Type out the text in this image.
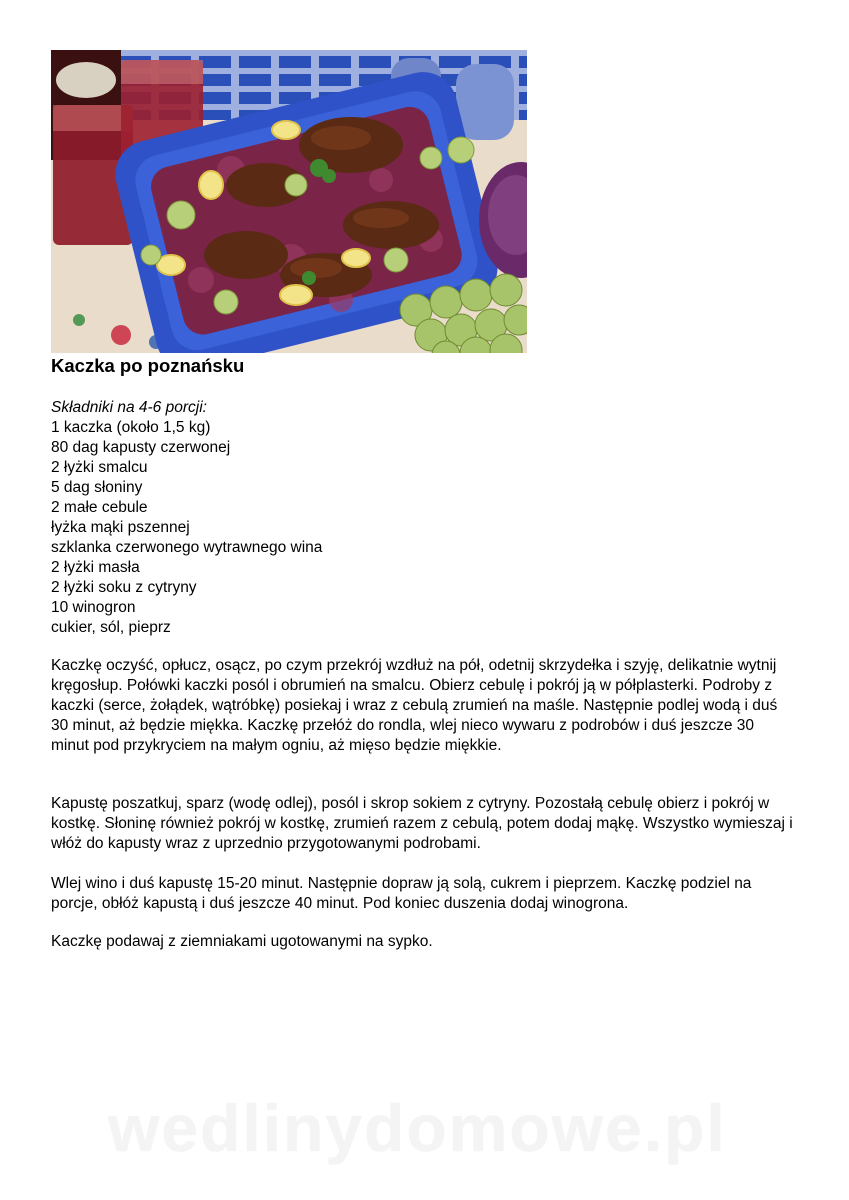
Kaczka po poznańsku
Składniki na 4-6 porcji:
1 kaczka (około 1,5 kg)
80 dag kapusty czerwonej
2 łyżki smalcu
5 dag słoniny
2 małe cebule
łyżka mąki pszennej
szklanka czerwonego wytrawnego wina
2 łyżki masła
2 łyżki soku z cytryny
10 winogron
cukier, sól, pieprz

Kaczkę oczyść, opłucz, osącz, po czym przekrój wzdłuż na pół, odetnij skrzydełka i szyję, delikatnie wytnij kręgosłup. Połówki kaczki posól i obrumień na smalcu. Obierz cebulę i pokrój ją w półplasterki. Podroby z kaczki (serce, żołądek, wątróbkę) posiekaj i wraz z cebulą zrumień na maśle. Następnie podlej wodą i duś 30 minut, aż będzie miękka. Kaczkę przełóż do rondla, wlej nieco wywaru z podrobów i duś jeszcze 30 minut pod przykryciem na małym ogniu, aż mięso będzie miękkie.

Kapustę poszatkuj, sparz (wodę odlej), posól i skrop sokiem z cytryny. Pozostałą cebulę obierz i pokrój w kostkę. Słoninę również pokrój w kostkę, zrumień razem z cebulą, potem dodaj mąkę. Wszystko wymieszaj i włóż do kapusty wraz z uprzednio przygotowanymi podrobami.

Wlej wino i duś kapustę 15-20 minut. Następnie dopraw ją solą, cukrem i pieprzem. Kaczkę podziel na porcje, obłóż kapustą i duś jeszcze 40 minut. Pod koniec duszenia dodaj winogrona.

Kaczkę podawaj z ziemniakami ugotowanymi na sypko.

wedlinydomowe.pl
